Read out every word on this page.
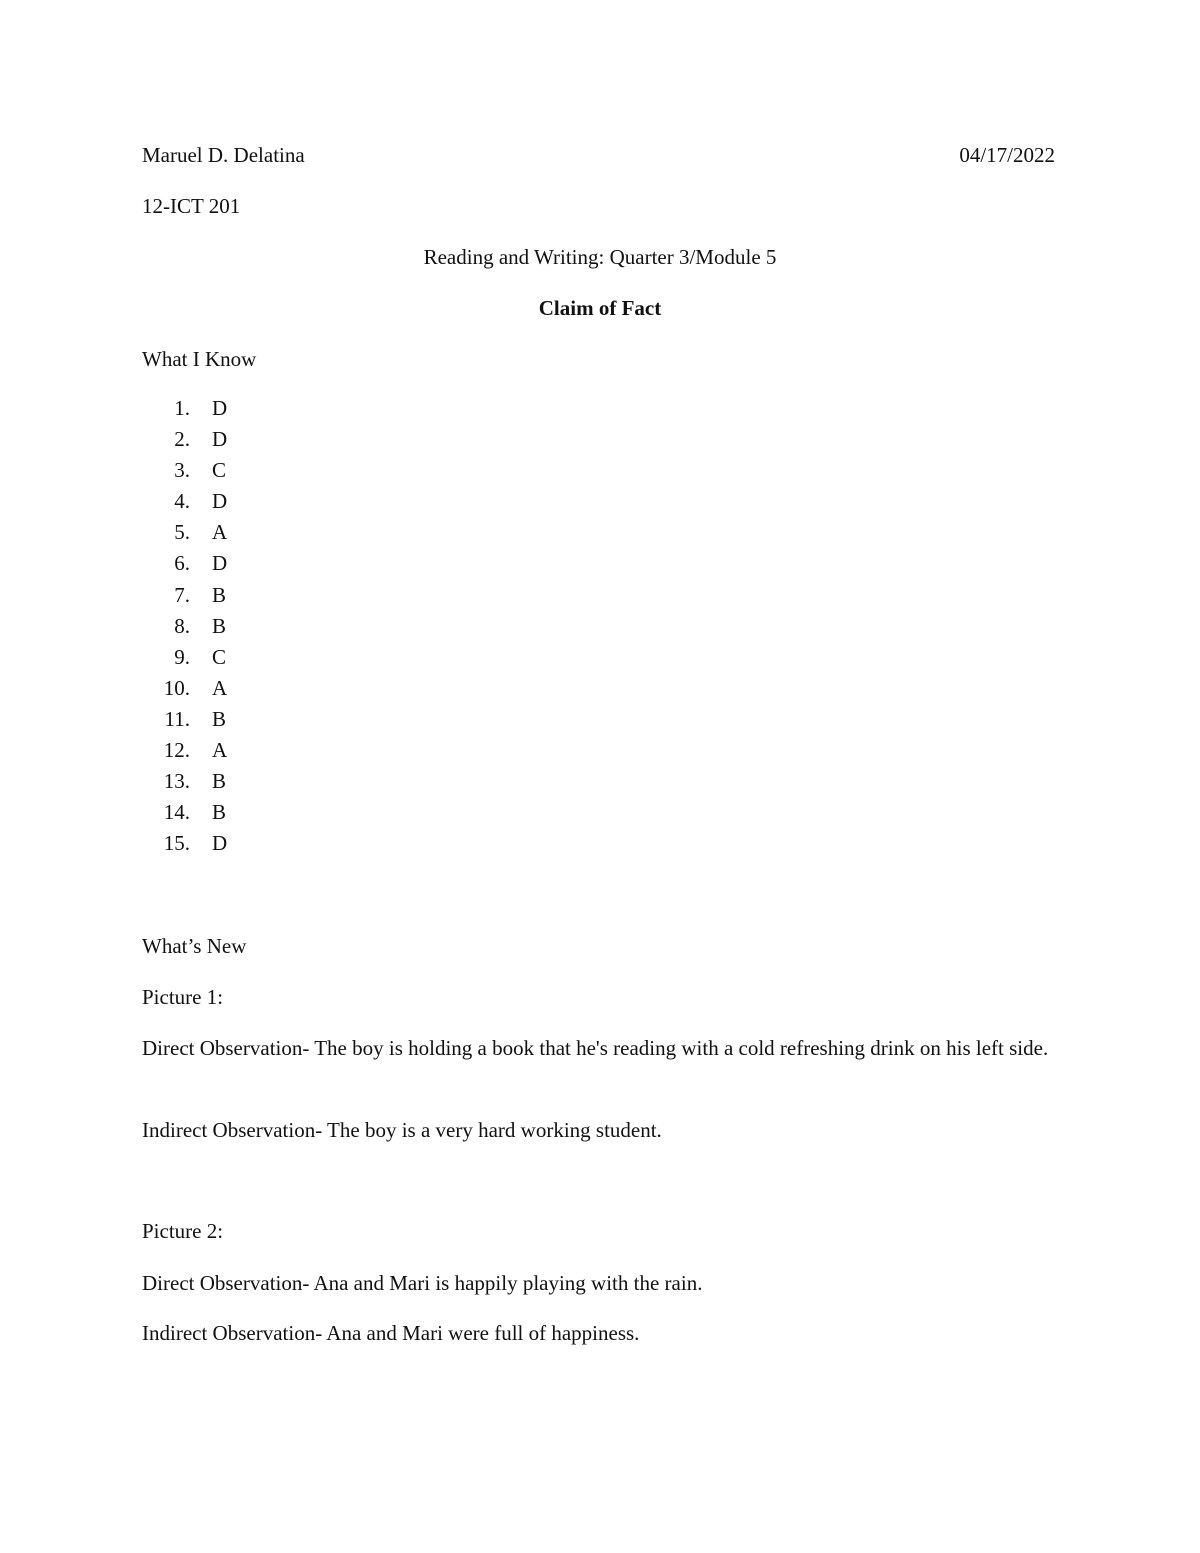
Maruel D. Delatina	04/17/2022
12-ICT 201
Reading and Writing: Quarter 3/Module 5
Claim of Fact
What I Know
1. D
2. D
3. C
4. D
5. A
6. D
7. B
8. B
9. C
10. A
11. B
12. A
13. B
14. B
15. D
What’s New
Picture 1:
Direct Observation- The boy is holding a book that he's reading with a cold refreshing drink on his left side.
Indirect Observation- The boy is a very hard working student.
Picture 2:
Direct Observation- Ana and Mari is happily playing with the rain.
Indirect Observation- Ana and Mari were full of happiness.
